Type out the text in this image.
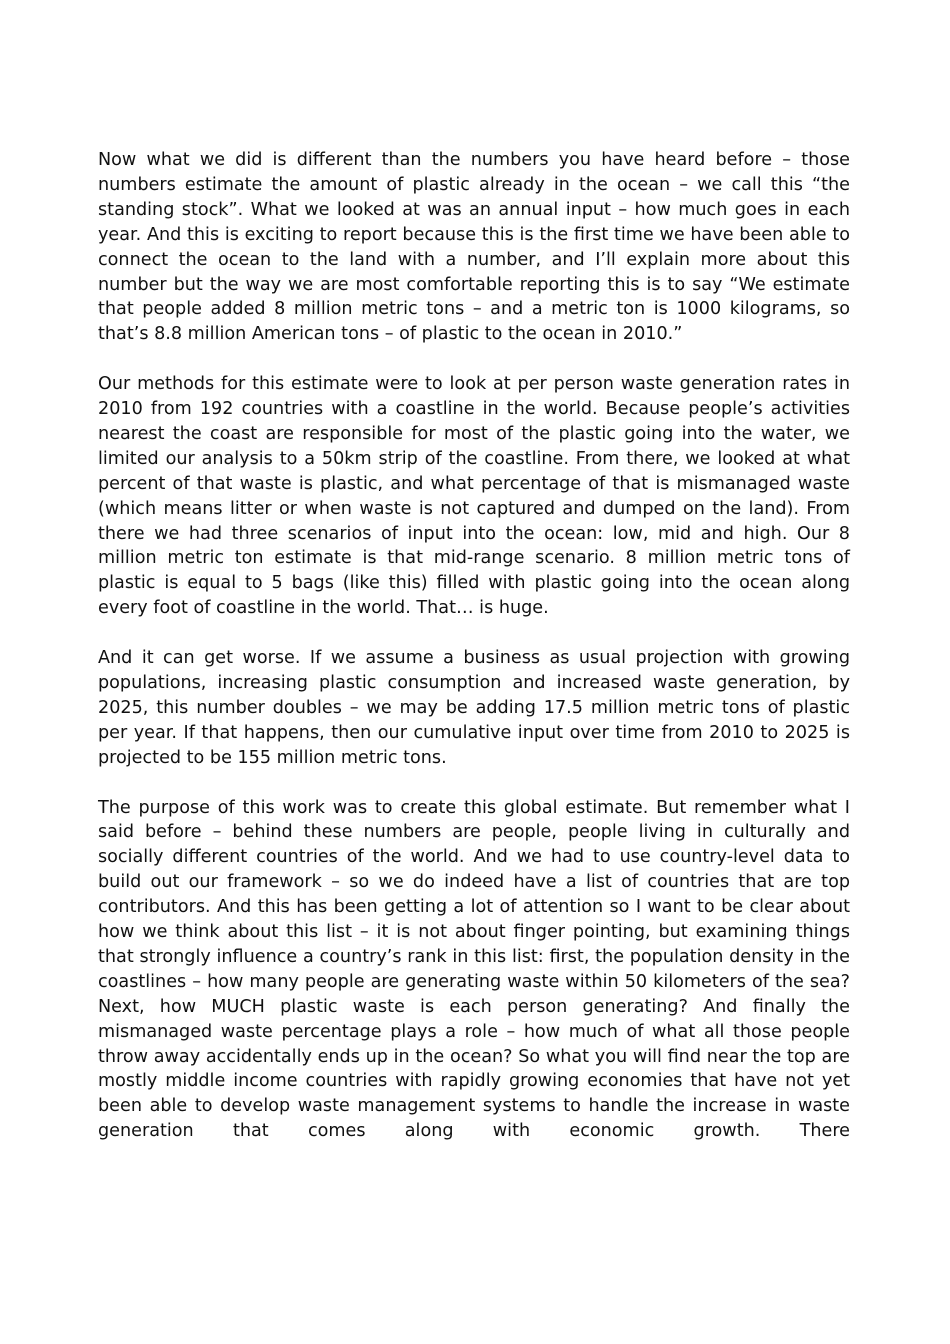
Now what we did is different than the numbers you have heard before – those numbers estimate the amount of plastic already in the ocean – we call this “the standing stock”. What we looked at was an annual input – how much goes in each year. And this is exciting to report because this is the first time we have been able to connect the ocean to the land with a number, and I’ll explain more about this number but the way we are most comfortable reporting this is to say “We estimate that people added 8 million metric tons – and a metric ton is 1000 kilograms, so that’s 8.8 million American tons – of plastic to the ocean in 2010.”

Our methods for this estimate were to look at per person waste generation rates in 2010 from 192 countries with a coastline in the world. Because people’s activities nearest the coast are responsible for most of the plastic going into the water, we limited our analysis to a 50km strip of the coastline. From there, we looked at what percent of that waste is plastic, and what percentage of that is mismanaged waste (which means litter or when waste is not captured and dumped on the land). From there we had three scenarios of input into the ocean: low, mid and high. Our 8 million metric ton estimate is that mid-range scenario. 8 million metric tons of plastic is equal to 5 bags (like this) filled with plastic going into the ocean along every foot of coastline in the world. That… is huge.

And it can get worse. If we assume a business as usual projection with growing populations, increasing plastic consumption and increased waste generation, by 2025, this number doubles – we may be adding 17.5 million metric tons of plastic per year. If that happens, then our cumulative input over time from 2010 to 2025 is projected to be 155 million metric tons.

The purpose of this work was to create this global estimate. But remember what I said before – behind these numbers are people, people living in culturally and socially different countries of the world. And we had to use country-level data to build out our framework – so we do indeed have a list of countries that are top contributors. And this has been getting a lot of attention so I want to be clear about how we think about this list – it is not about finger pointing, but examining things that strongly influence a country’s rank in this list: first, the population density in the coastlines – how many people are generating waste within 50 kilometers of the sea? Next, how MUCH plastic waste is each person generating? And finally the mismanaged waste percentage plays a role – how much of what all those people throw away accidentally ends up in the ocean? So what you will find near the top are mostly middle income countries with rapidly growing economies that have not yet been able to develop waste management systems to handle the increase in waste generation that comes along with economic growth. There
